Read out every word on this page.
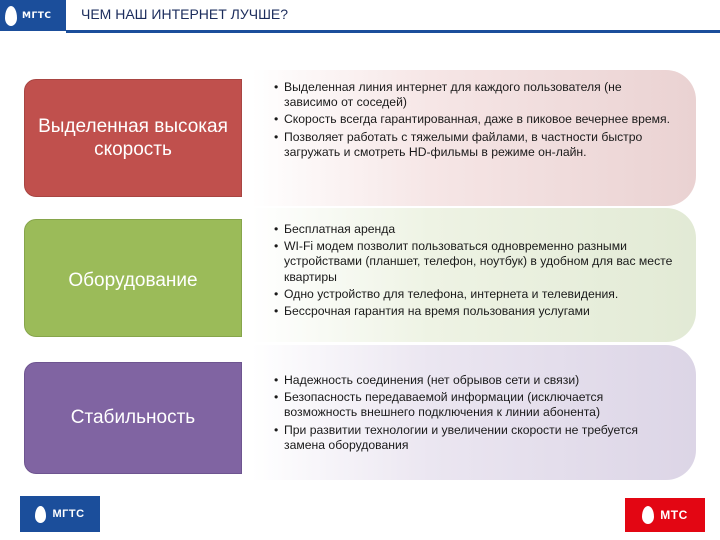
МГТС ЧЕМ НАШ ИНТЕРНЕТ ЛУЧШЕ?
Выделенная высокая скорость
• Выделенная линия интернет для каждого пользователя (не зависимо от соседей)
• Скорость всегда гарантированная, даже в пиковое вечернее время.
• Позволяет работать с тяжелыми файлами, в частности быстро загружать и смотреть HD-фильмы в режиме он-лайн.
Оборудование
• Бесплатная аренда
• WI-Fi модем позволит пользоваться одновременно разными устройствами (планшет, телефон, ноутбук) в удобном для вас месте квартиры
• Одно устройство для телефона, интернета и телевидения.
• Бессрочная гарантия на время пользования услугами
Стабильность
• Надежность соединения (нет обрывов сети и связи)
• Безопасность передаваемой информации (исключается возможность внешнего подключения к линии абонента)
• При развитии технологии и увеличении скорости не требуется замена оборудования
МГТС	МТС
